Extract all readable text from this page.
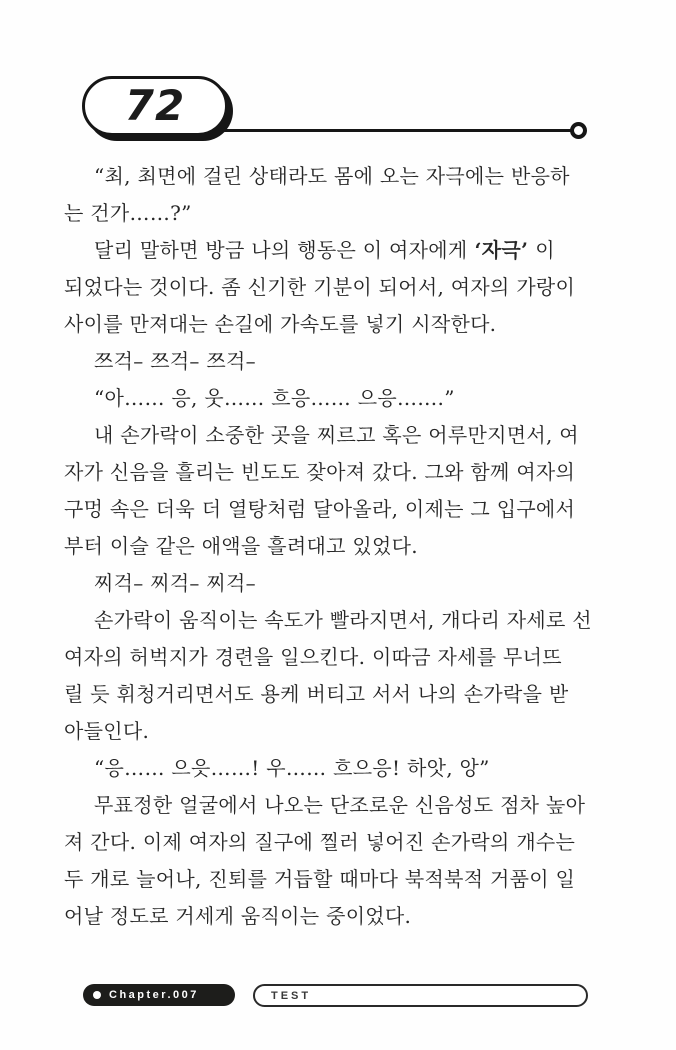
72
“최, 최면에 걸린 상태라도 몸에 오는 자극에는 반응하
는 건가……?”
달리 말하면 방금 나의 행동은 이 여자에게 ‘자극’ 이
되었다는 것이다. 좀 신기한 기분이 되어서, 여자의 가랑이
사이를 만져대는 손길에 가속도를 넣기 시작한다.
쯔걱– 쯔걱– 쯔걱–
“아…… 응, 웃…… 흐응…… 으응…….”
내 손가락이 소중한 곳을 찌르고 혹은 어루만지면서, 여
자가 신음을 흘리는 빈도도 잦아져 갔다. 그와 함께 여자의
구멍 속은 더욱 더 열탕처럼 달아올라, 이제는 그 입구에서
부터 이슬 같은 애액을 흘려대고 있었다.
찌걱– 찌걱– 찌걱–
손가락이 움직이는 속도가 빨라지면서, 개다리 자세로 선
여자의 허벅지가 경련을 일으킨다. 이따금 자세를 무너뜨
릴 듯 휘청거리면서도 용케 버티고 서서 나의 손가락을 받
아들인다.
“응…… 으읏……! 우…… 흐으응! 하앗, 앙”
무표정한 얼굴에서 나오는 단조로운 신음성도 점차 높아
져 간다. 이제 여자의 질구에 찔러 넣어진 손가락의 개수는
두 개로 늘어나, 진퇴를 거듭할 때마다 북적북적 거품이 일
어날 정도로 거세게 움직이는 중이었다.
Chapter.007	TEST
